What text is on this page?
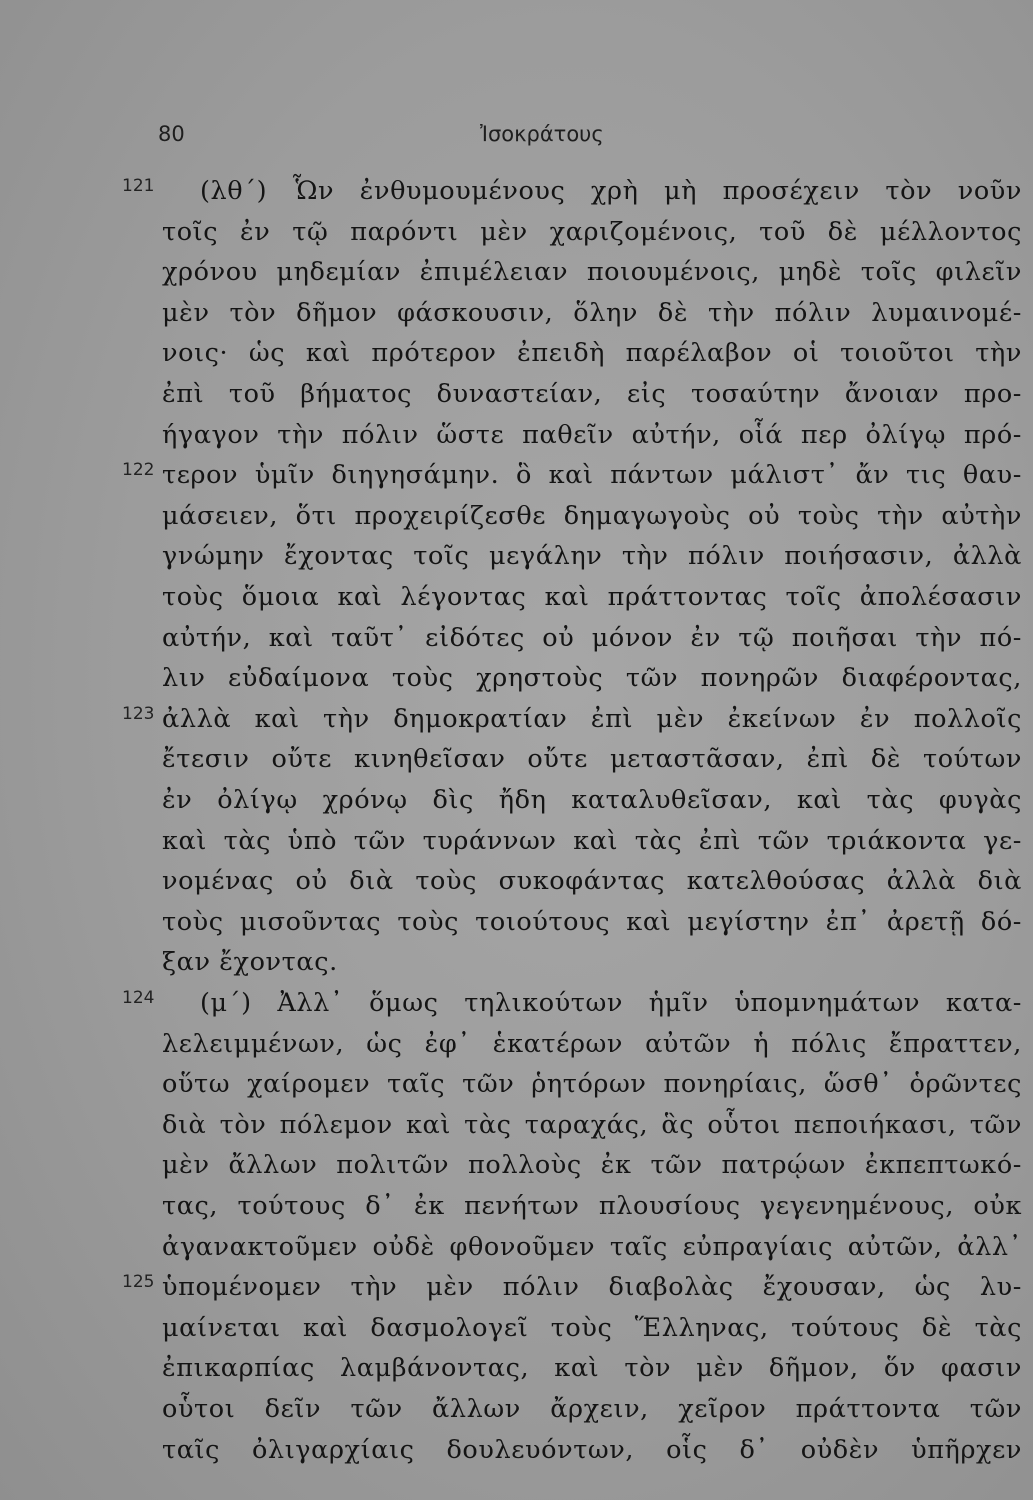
80	Ἰσοκράτους
121 (λθ΄) Ὧν ἐνθυμουμένους χρὴ μὴ προσέχειν τὸν νοῦν
τοῖς ἐν τῷ παρόντι μὲν χαριζομένοις, τοῦ δὲ μέλλοντος
χρόνου μηδεμίαν ἐπιμέλειαν ποιουμένοις, μηδὲ τοῖς φιλεῖν
μὲν τὸν δῆμον φάσκουσιν, ὅλην δὲ τὴν πόλιν λυμαινομέ-
νοις· ὡς καὶ πρότερον ἐπειδὴ παρέλαβον οἱ τοιοῦτοι τὴν
ἐπὶ τοῦ βήματος δυναστείαν, εἰς τοσαύτην ἄνοιαν προ-
ήγαγον τὴν πόλιν ὥστε παθεῖν αὐτήν, οἷά περ ὀλίγῳ πρό-
122 τερον ὑμῖν διηγησάμην. ὃ καὶ πάντων μάλιστ᾽ ἄν τις θαυ-
μάσειεν, ὅτι προχειρίζεσθε δημαγωγοὺς οὐ τοὺς τὴν αὐτὴν
γνώμην ἔχοντας τοῖς μεγάλην τὴν πόλιν ποιήσασιν, ἀλλὰ
τοὺς ὅμοια καὶ λέγοντας καὶ πράττοντας τοῖς ἀπολέσασιν
αὐτήν, καὶ ταῦτ᾽ εἰδότες οὐ μόνον ἐν τῷ ποιῆσαι τὴν πό-
λιν εὐδαίμονα τοὺς χρηστοὺς τῶν πονηρῶν διαφέροντας,
123 ἀλλὰ καὶ τὴν δημοκρατίαν ἐπὶ μὲν ἐκείνων ἐν πολλοῖς
ἔτεσιν οὔτε κινηθεῖσαν οὔτε μεταστᾶσαν, ἐπὶ δὲ τούτων
ἐν ὀλίγῳ χρόνῳ δὶς ἤδη καταλυθεῖσαν, καὶ τὰς φυγὰς
καὶ τὰς ὑπὸ τῶν τυράννων καὶ τὰς ἐπὶ τῶν τριάκοντα γε-
νομένας οὐ διὰ τοὺς συκοφάντας κατελθούσας ἀλλὰ διὰ
τοὺς μισοῦντας τοὺς τοιούτους καὶ μεγίστην ἐπ᾽ ἀρετῇ δό-
ξαν ἔχοντας.
124 (μ΄) Ἀλλ᾽ ὅμως τηλικούτων ἡμῖν ὑπομνημάτων κατα-
λελειμμένων, ὡς ἐφ᾽ ἑκατέρων αὐτῶν ἡ πόλις ἔπραττεν,
οὕτω χαίρομεν ταῖς τῶν ῥητόρων πονηρίαις, ὥσθ᾽ ὁρῶντες
διὰ τὸν πόλεμον καὶ τὰς ταραχάς, ἃς οὗτοι πεποιήκασι, τῶν
μὲν ἄλλων πολιτῶν πολλοὺς ἐκ τῶν πατρῴων ἐκπεπτωκό-
τας, τούτους δ᾽ ἐκ πενήτων πλουσίους γεγενημένους, οὐκ
ἀγανακτοῦμεν οὐδὲ φθονοῦμεν ταῖς εὐπραγίαις αὐτῶν, ἀλλ᾽
125 ὑπομένομεν τὴν μὲν πόλιν διαβολὰς ἔχουσαν, ὡς λυ-
μαίνεται καὶ δασμολογεῖ τοὺς Ἕλληνας, τούτους δὲ τὰς
ἐπικαρπίας λαμβάνοντας, καὶ τὸν μὲν δῆμον, ὅν φασιν
οὗτοι δεῖν τῶν ἄλλων ἄρχειν, χεῖρον πράττοντα τῶν
ταῖς ὀλιγαρχίαις δουλευόντων, οἷς δ᾽ οὐδὲν ὑπῆρχεν
